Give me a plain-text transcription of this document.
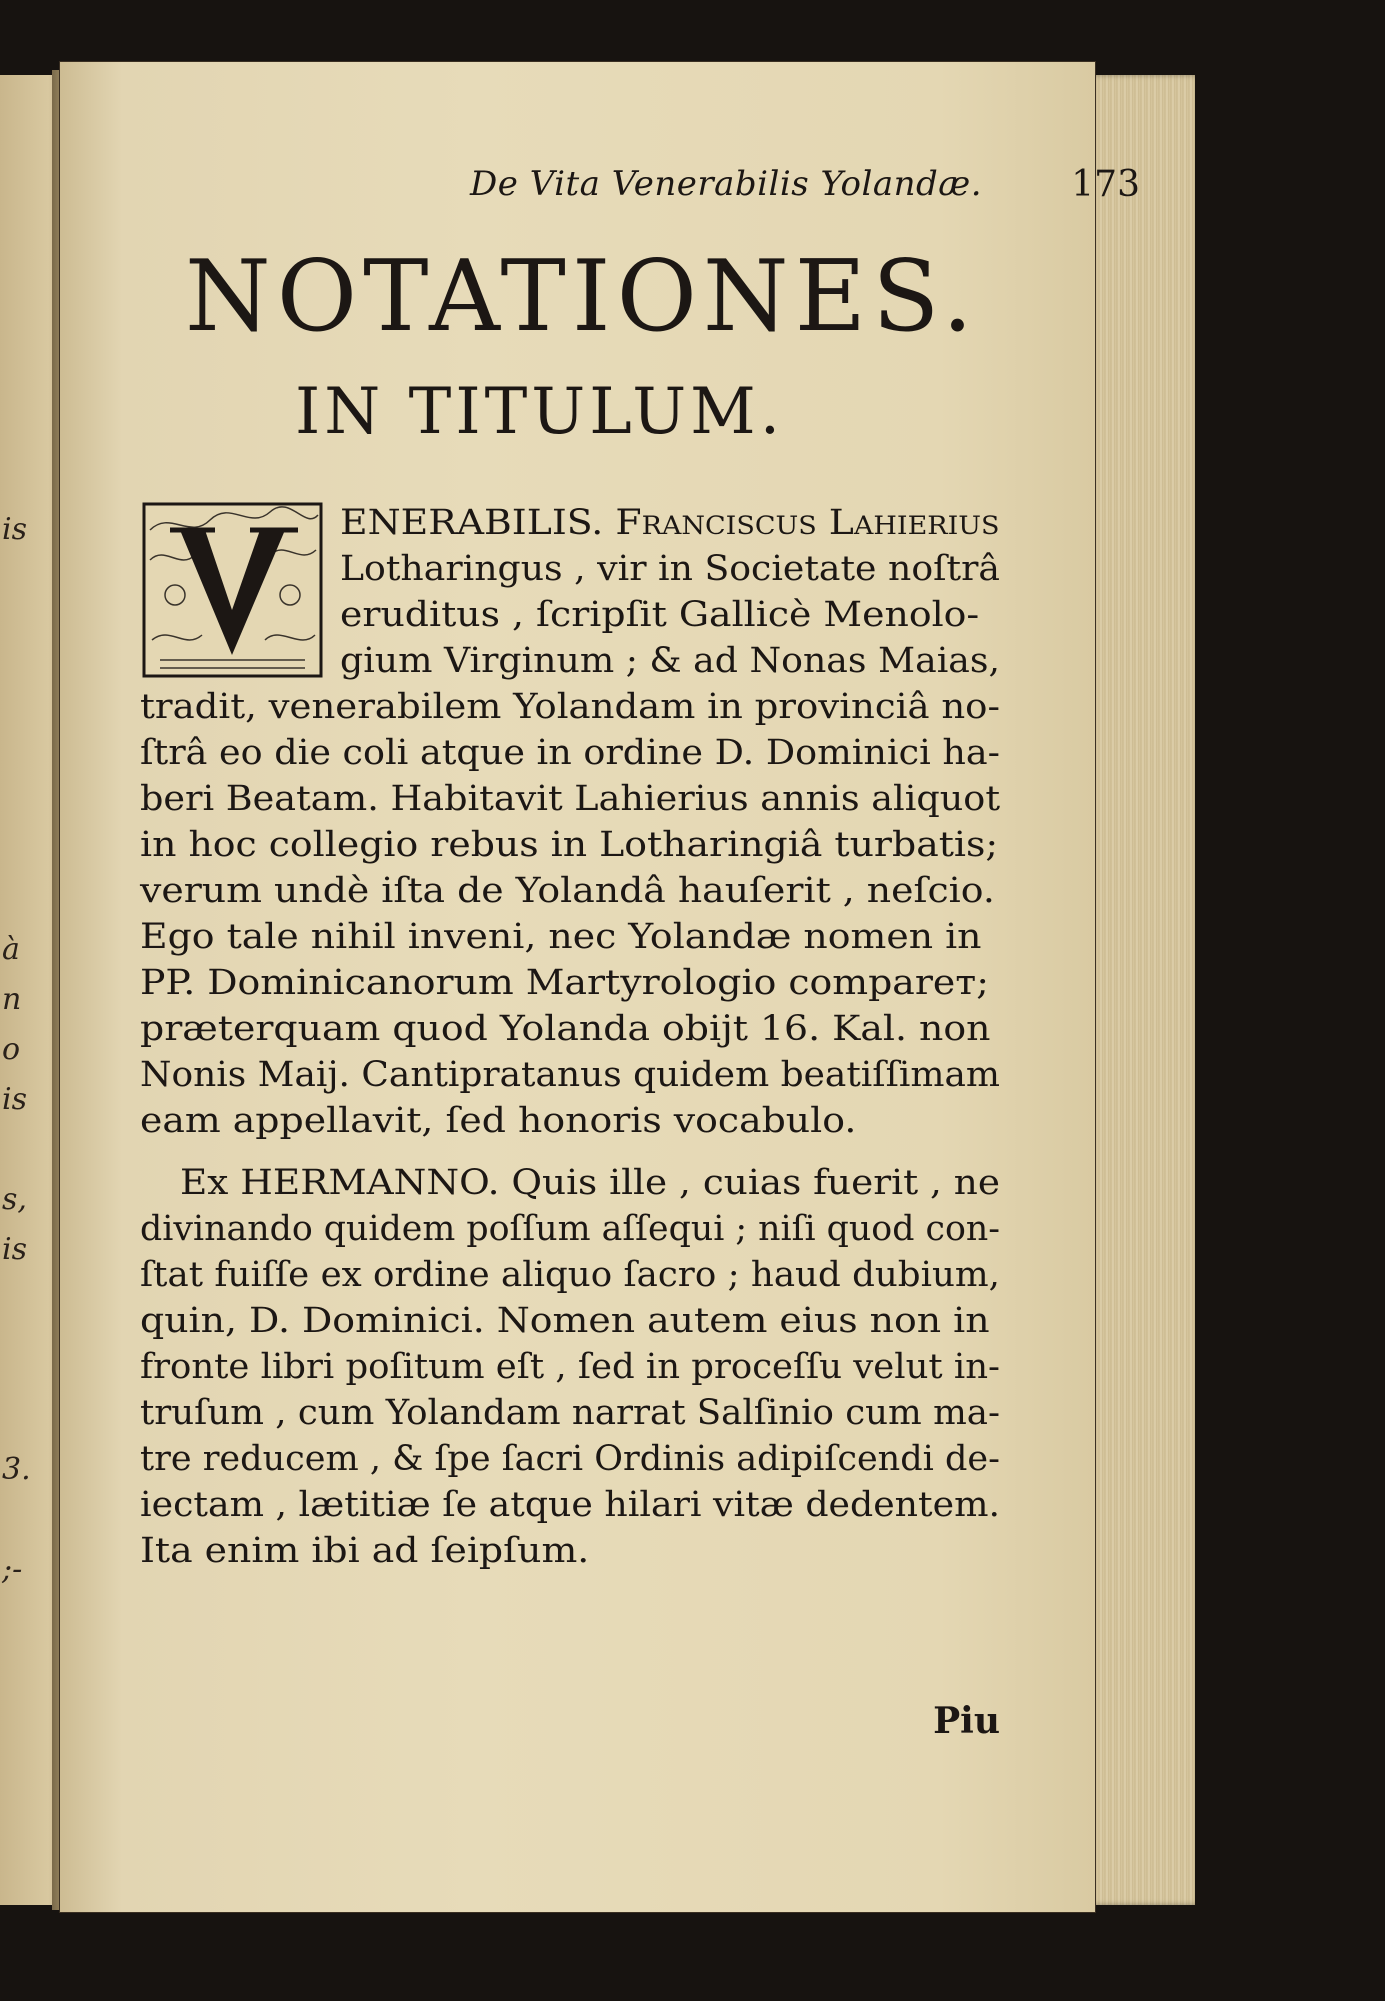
is
à
n
o
is
s,
is
3.
;-
De Vita Venerabilis Yolandæ. 173
NOTATIONES.
IN TITULUM.
ENERABILIS. Franciſcus Lahierius
Lotharingus , vir in Societate noſtrâ
eruditus , ſcripſit Gallicè Menolo-
gium Virginum ; & ad Nonas Maias,
tradit, venerabilem Yolandam in provinciâ no-
ſtrâ eo die coli atque in ordine D. Dominici ha-
beri Beatam. Habitavit Lahierius annis aliquot
in hoc collegio rebus in Lotharingiâ turbatis;
verum undè iſta de Yolandâ hauſerit , neſcio.
Ego tale nihil inveni, nec Yolandæ nomen in
PP. Dominicanorum Martyrologio compareт;
præterquam quod Yolanda obijt 16. Kal. non
Nonis Maij. Cantipratanus quidem beatiſſimam
eam appellavit, ſed honoris vocabulo.
Ex HERMANNO. Quis ille , cuias fuerit , ne
divinando quidem poſſum aſſequi ; niſi quod con-
ſtat fuiſſe ex ordine aliquo ſacro ; haud dubium,
quin, D. Dominici. Nomen autem eius non in
fronte libri poſitum eſt , ſed in proceſſu velut in-
truſum , cum Yolandam narrat Salſinio cum ma-
tre reducem , & ſpe ſacri Ordinis adipiſcendi de-
iectam , lætitiæ ſe atque hilari vitæ dedentem.
Ita enim ibi ad ſeipſum.
Piu
